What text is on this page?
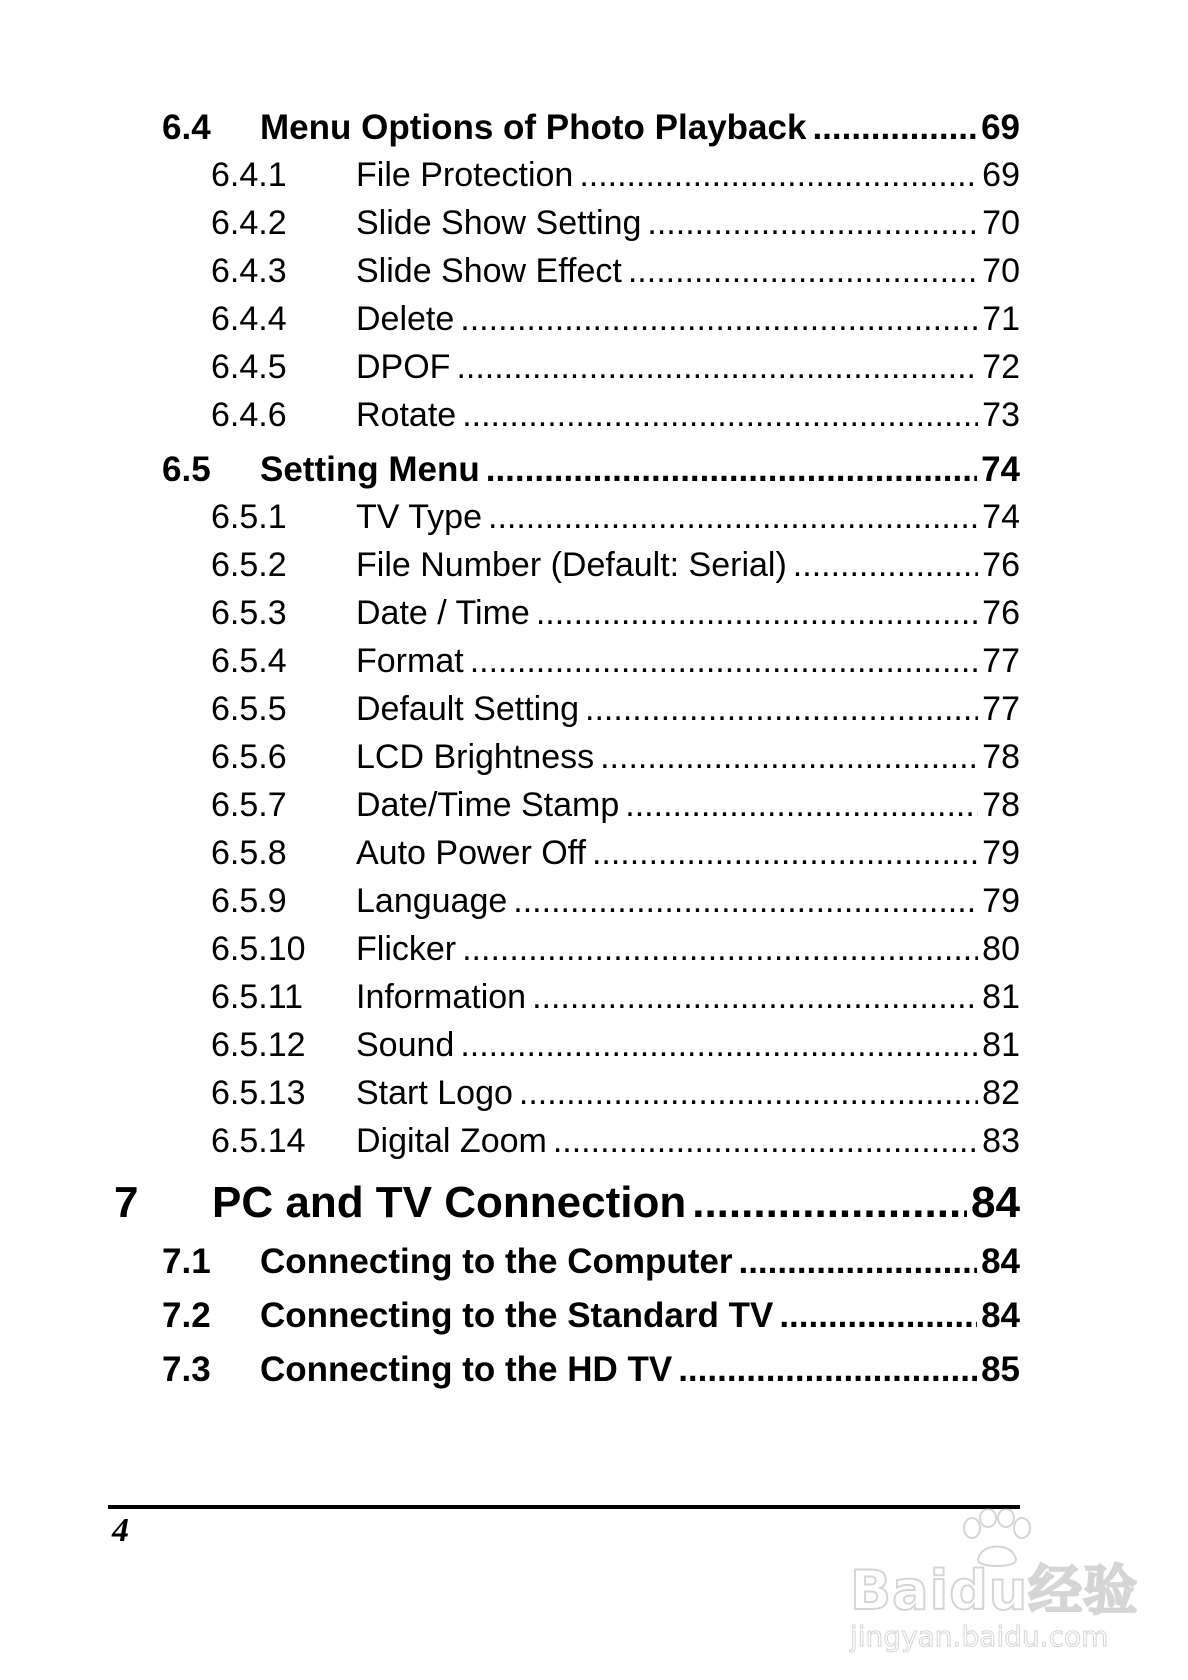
6.4	Menu Options of Photo Playback .....	69
6.4.1	File Protection .....	69
6.4.2	Slide Show Setting .....	70
6.4.3	Slide Show Effect .....	70
6.4.4	Delete .....	71
6.4.5	DPOF .....	72
6.4.6	Rotate .....	73
6.5	Setting Menu .....	74
6.5.1	TV Type .....	74
6.5.2	File Number (Default: Serial) .....	76
6.5.3	Date / Time .....	76
6.5.4	Format .....	77
6.5.5	Default Setting .....	77
6.5.6	LCD Brightness .....	78
6.5.7	Date/Time Stamp .....	78
6.5.8	Auto Power Off .....	79
6.5.9	Language .....	79
6.5.10	Flicker .....	80
6.5.11	Information .....	81
6.5.12	Sound .....	81
6.5.13	Start Logo .....	82
6.5.14	Digital Zoom .....	83
7	PC and TV Connection .....	84
7.1	Connecting to the Computer .....	84
7.2	Connecting to the Standard TV .....	84
7.3	Connecting to the HD TV .....	85
4
Baidu经验
jingyan.baidu.com
